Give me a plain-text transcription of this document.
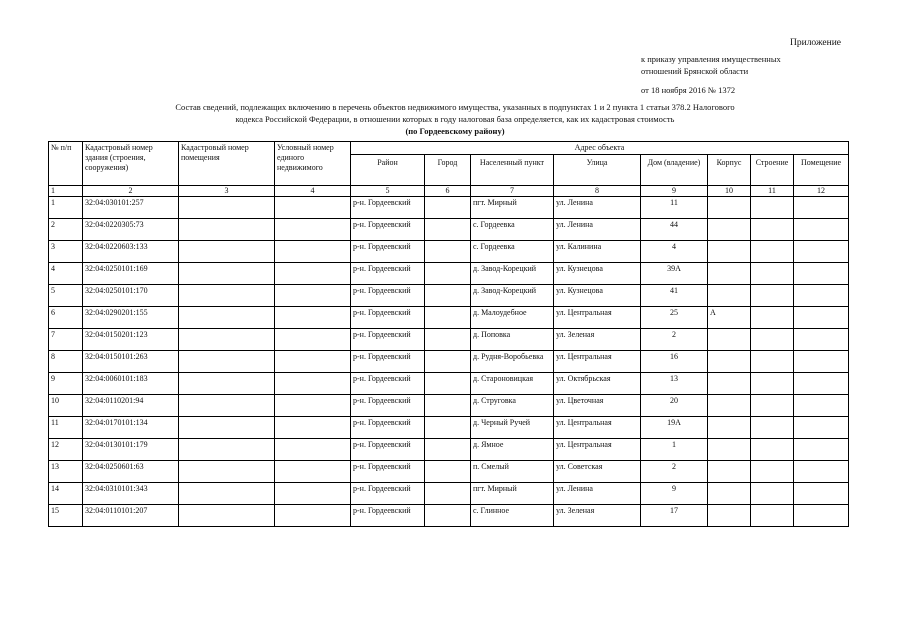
Приложение
к приказу управления имущественных
отношений Брянской области
от 18 ноября 2016 № 1372
Состав сведений, подлежащих включению в перечень объектов недвижимого имущества, указанных в подпунктах 1 и 2 пункта 1 статьи 378.2 Налогового
кодекса Российской Федерации, в отношении которых в году налоговая база определяется, как их кадастровая стоимость
(по Гордеевскому району)
№ п/п	Кадастровый номер здания (строения, сооружения)	Кадастровый номер помещения	Условный номер единого недвижимого	Адрес объекта							
				Район	Город	Населенный пункт	Улица	Дом (владение)	Корпус	Строение	Помещение
1	2	3	4	5	6	7	8	9	10	11	12
1	32:04:030101:257			р-н. Гордеевский		пгт. Мирный	ул. Ленина	11			
2	32:04:0220305:73			р-н. Гордеевский		с. Гордеевка	ул. Ленина	44			
3	32:04:0220603:133			р-н. Гордеевский		с. Гордеевка	ул. Калинина	4			
4	32:04:0250101:169			р-н. Гордеевский		д. Завод-Корецкий	ул. Кузнецова	39А			
5	32:04:0250101:170			р-н. Гордеевский		д. Завод-Корецкий	ул. Кузнецова	41			
6	32:04:0290201:155			р-н. Гордеевский		д. Малоудебное	ул. Центральная	25	А		
7	32:04:0150201:123			р-н. Гордеевский		д. Поповка	ул. Зеленая	2			
8	32:04:0150101:263			р-н. Гордеевский		д. Рудня-Воробьевка	ул. Центральная	16			
9	32:04:0060101:183			р-н. Гордеевский		д. Староновицкая	ул. Октябрьская	13			
10	32:04:0110201:94			р-н. Гордеевский		д. Струговка	ул. Цветочная	20			
11	32:04:0170101:134			р-н. Гордеевский		д. Черный Ручей	ул. Центральная	19А			
12	32:04:0130101:179			р-н. Гордеевский		д. Ямное	ул. Центральная	1			
13	32:04:0250601:63			р-н. Гордеевский		п. Смелый	ул. Советская	2			
14	32:04:0310101:343			р-н. Гордеевский		пгт. Мирный	ул. Ленина	9			
15	32:04:0110101:207			р-н. Гордеевский		с. Глинное	ул. Зеленая	17			
